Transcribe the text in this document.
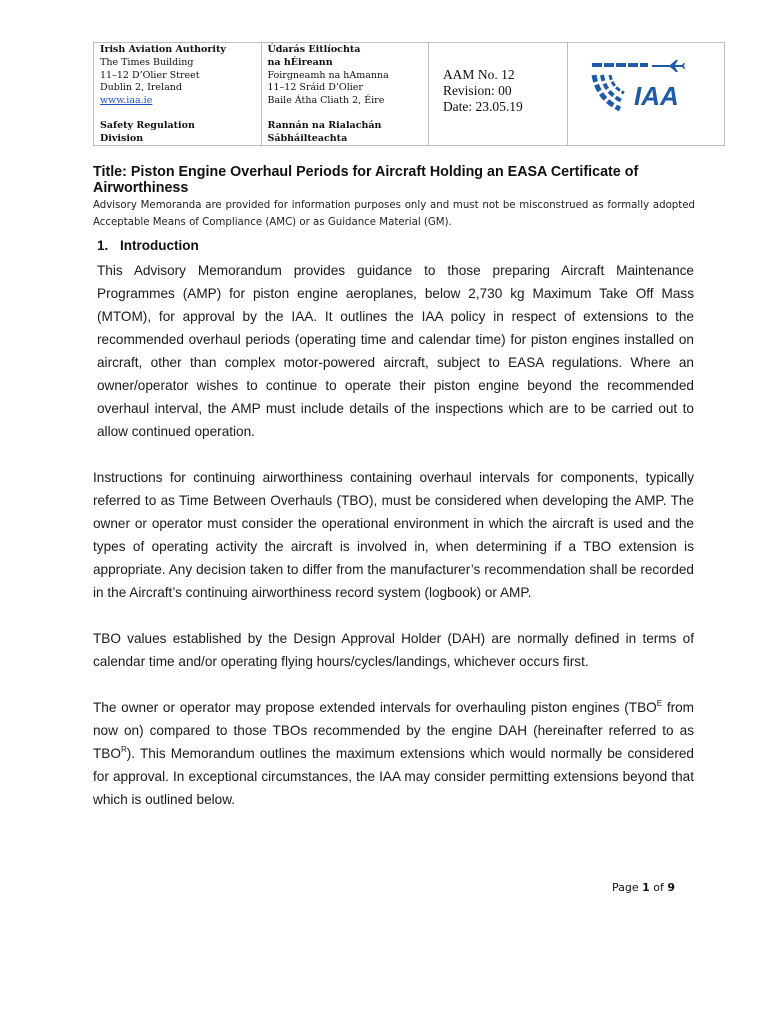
Irish Aviation Authority
The Times Building
11–12 D’Olier Street
Dublin 2, Ireland
www.iaa.ie
Safety Regulation
Division
Údarás Eitlíochta
na hÉireann
Foirgneamh na hAmanna
11–12 Sráid D’Olier
Baile Átha Cliath 2, Éire
Rannán na Rialachán
Sábháilteachta
AAM No. 12
Revision: 00
Date: 23.05.19	IAA
Title: Piston Engine Overhaul Periods for Aircraft Holding an EASA Certificate of Airworthiness
Advisory Memoranda are provided for information purposes only and must not be misconstrued as formally adopted Acceptable Means of Compliance (AMC) or as Guidance Material (GM).
1. Introduction
This Advisory Memorandum provides guidance to those preparing Aircraft Maintenance Programmes (AMP) for piston engine aeroplanes, below 2,730 kg Maximum Take Off Mass (MTOM), for approval by the IAA. It outlines the IAA policy in respect of extensions to the recommended overhaul periods (operating time and calendar time) for piston engines installed on aircraft, other than complex motor-powered aircraft, subject to EASA regulations. Where an owner/operator wishes to continue to operate their piston engine beyond the recommended overhaul interval, the AMP must include details of the inspections which are to be carried out to allow continued operation.
Instructions for continuing airworthiness containing overhaul intervals for components, typically referred to as Time Between Overhauls (TBO), must be considered when developing the AMP. The owner or operator must consider the operational environment in which the aircraft is used and the types of operating activity the aircraft is involved in, when determining if a TBO extension is appropriate. Any decision taken to differ from the manufacturer’s recommendation shall be recorded in the Aircraft’s continuing airworthiness record system (logbook) or AMP.
TBO values established by the Design Approval Holder (DAH) are normally defined in terms of calendar time and/or operating flying hours/cycles/landings, whichever occurs first.
The owner or operator may propose extended intervals for overhauling piston engines ($TBO^E$ from now on) compared to those TBOs recommended by the engine DAH (hereinafter referred to as $TBO^R$). This Memorandum outlines the maximum extensions which would normally be considered for approval. In exceptional circumstances, the IAA may consider permitting extensions beyond that which is outlined below.
Page 1 of 9
